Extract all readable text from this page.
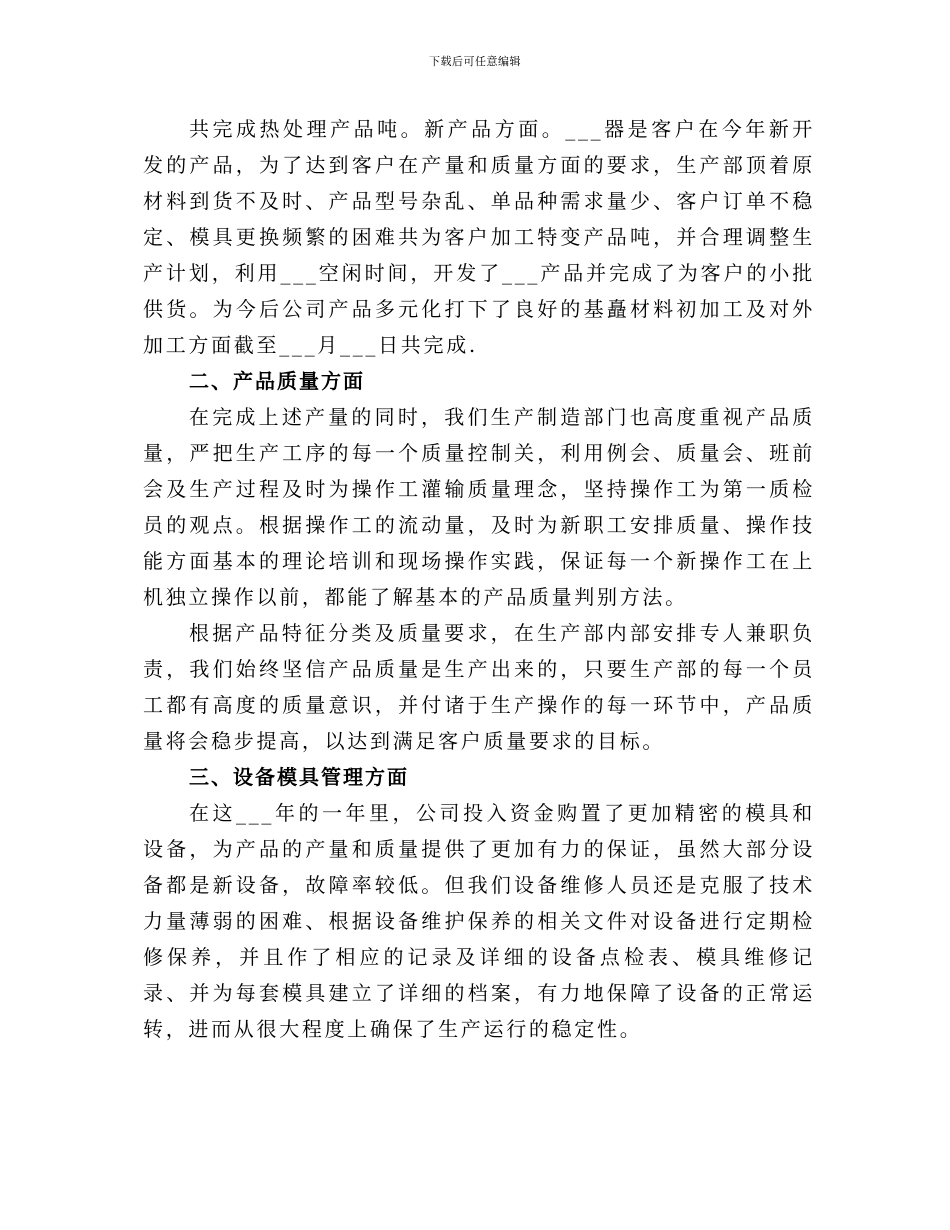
下载后可任意编辑

共完成热处理产品吨。新产品方面。___器是客户在今年新开发的产品，为了达到客户在产量和质量方面的要求，生产部顶着原材料到货不及时、产品型号杂乱、单品种需求量少、客户订单不稳定、模具更换频繁的困难共为客户加工特变产品吨，并合理调整生产计划，利用___空闲时间，开发了___产品并完成了为客户的小批供货。为今后公司产品多元化打下了良好的基矗材料初加工及对外加工方面截至___月___日共完成.

二、产品质量方面

在完成上述产量的同时，我们生产制造部门也高度重视产品质量，严把生产工序的每一个质量控制关，利用例会、质量会、班前会及生产过程及时为操作工灌输质量理念，坚持操作工为第一质检员的观点。根据操作工的流动量，及时为新职工安排质量、操作技能方面基本的理论培训和现场操作实践，保证每一个新操作工在上机独立操作以前，都能了解基本的产品质量判别方法。

根据产品特征分类及质量要求，在生产部内部安排专人兼职负责，我们始终坚信产品质量是生产出来的，只要生产部的每一个员工都有高度的质量意识，并付诸于生产操作的每一环节中，产品质量将会稳步提高，以达到满足客户质量要求的目标。

三、设备模具管理方面

在这___年的一年里，公司投入资金购置了更加精密的模具和设备，为产品的产量和质量提供了更加有力的保证，虽然大部分设备都是新设备，故障率较低。但我们设备维修人员还是克服了技术力量薄弱的困难、根据设备维护保养的相关文件对设备进行定期检修保养，并且作了相应的记录及详细的设备点检表、模具维修记录、并为每套模具建立了详细的档案，有力地保障了设备的正常运转，进而从很大程度上确保了生产运行的稳定性。
